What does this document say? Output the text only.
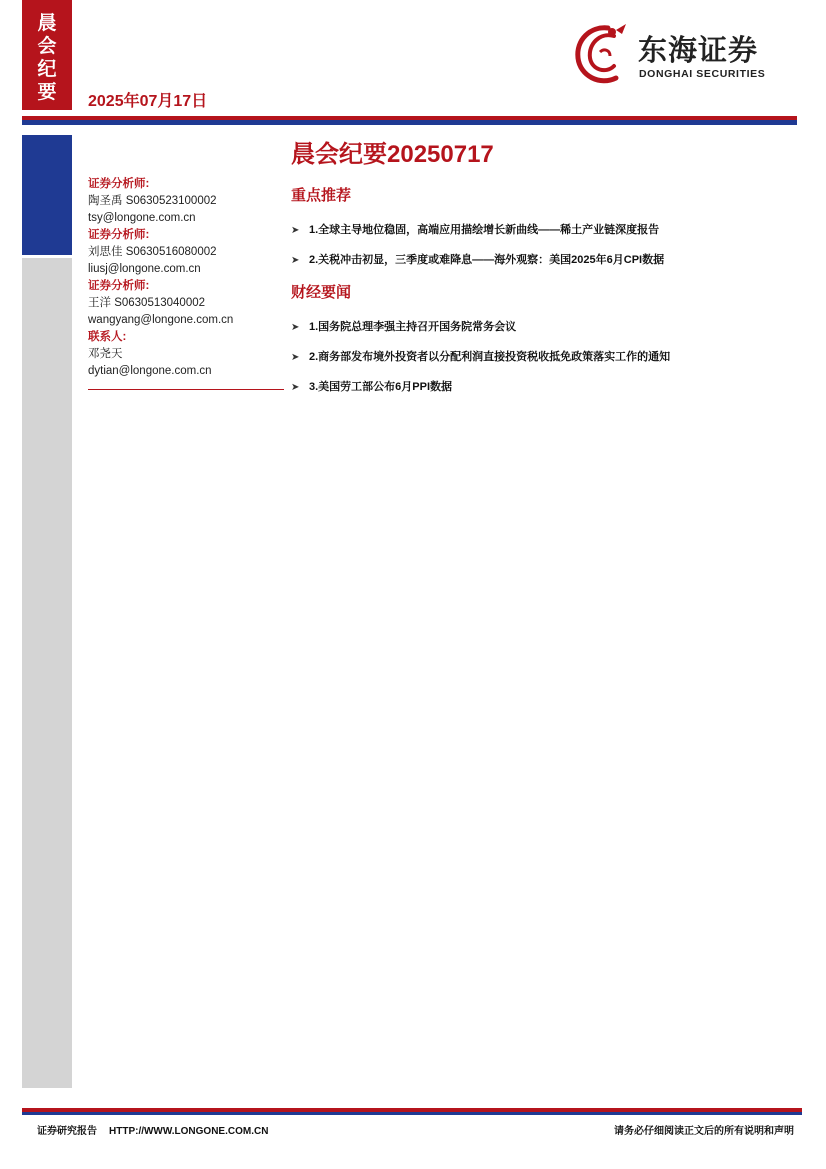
晨会纪要	2025年07月17日
东海证券
DONGHAI SECURITIES
证券分析师:
陶圣禹 S0630523100002
tsy@longone.com.cn
证券分析师:
刘思佳 S0630516080002
liusj@longone.com.cn
证券分析师:
王洋 S0630513040002
wangyang@longone.com.cn
联系人:
邓尧天
dytian@longone.com.cn
晨会纪要20250717
重点推荐
➤ 1.全球主导地位稳固，高端应用描绘增长新曲线——稀土产业链深度报告
➤ 2.关税冲击初显，三季度或难降息——海外观察：美国2025年6月CPI数据
财经要闻
➤ 1.国务院总理李强主持召开国务院常务会议
➤ 2.商务部发布境外投资者以分配利润直接投资税收抵免政策落实工作的通知
➤ 3.美国劳工部公布6月PPI数据
证券研究报告 HTTP://WWW.LONGONE.COM.CN	请务必仔细阅读正文后的所有说明和声明
